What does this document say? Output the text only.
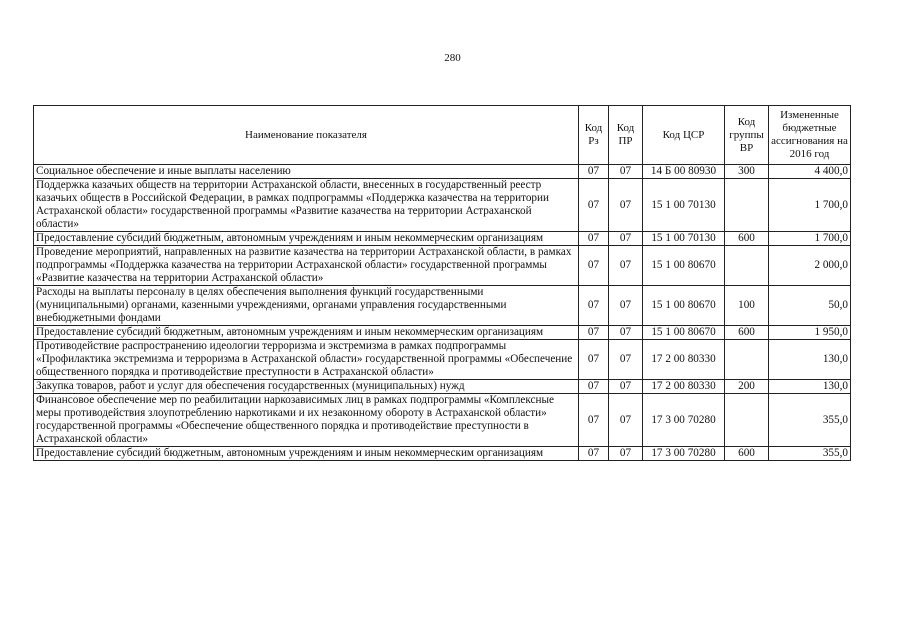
280
Наименование показателя	Код Рз	Код ПР	Код ЦСР	Код группы ВР	Измененные бюджетные ассигнования на 2016 год
Социальное обеспечение и иные выплаты населению	07	07	14 Б 00 80930	300	4 400,0
Поддержка казачьих обществ на территории Астраханской области, внесенных в государственный реестр казачьих обществ в Российской Федерации, в рамках подпрограммы «Поддержка казачества на территории Астраханской области» государственной программы «Развитие казачества на территории Астраханской области»	07	07	15 1 00 70130		1 700,0
Предоставление субсидий бюджетным, автономным учреждениям и иным некоммерческим организациям	07	07	15 1 00 70130	600	1 700,0
Проведение мероприятий, направленных на развитие казачества на территории Астраханской области, в рамках подпрограммы «Поддержка казачества на территории Астраханской области» государственной программы «Развитие казачества на территории Астраханской области»	07	07	15 1 00 80670		2 000,0
Расходы на выплаты персоналу в целях обеспечения выполнения функций государственными (муниципальными) органами, казенными учреждениями, органами управления государственными внебюджетными фондами	07	07	15 1 00 80670	100	50,0
Предоставление субсидий бюджетным, автономным учреждениям и иным некоммерческим организациям	07	07	15 1 00 80670	600	1 950,0
Противодействие распространению идеологии терроризма и экстремизма в рамках подпрограммы «Профилактика экстремизма и терроризма в Астраханской области» государственной программы «Обеспечение общественного порядка и противодействие преступности в Астраханской области»	07	07	17 2 00 80330		130,0
Закупка товаров, работ и услуг для обеспечения государственных (муниципальных) нужд	07	07	17 2 00 80330	200	130,0
Финансовое обеспечение мер по реабилитации наркозависимых лиц в рамках подпрограммы «Комплексные меры противодействия злоупотреблению наркотиками и их незаконному обороту в Астраханской области» государственной программы «Обеспечение общественного порядка и противодействие преступности в Астраханской области»	07	07	17 3 00 70280		355,0
Предоставление субсидий бюджетным, автономным учреждениям и иным некоммерческим организациям	07	07	17 3 00 70280	600	355,0
